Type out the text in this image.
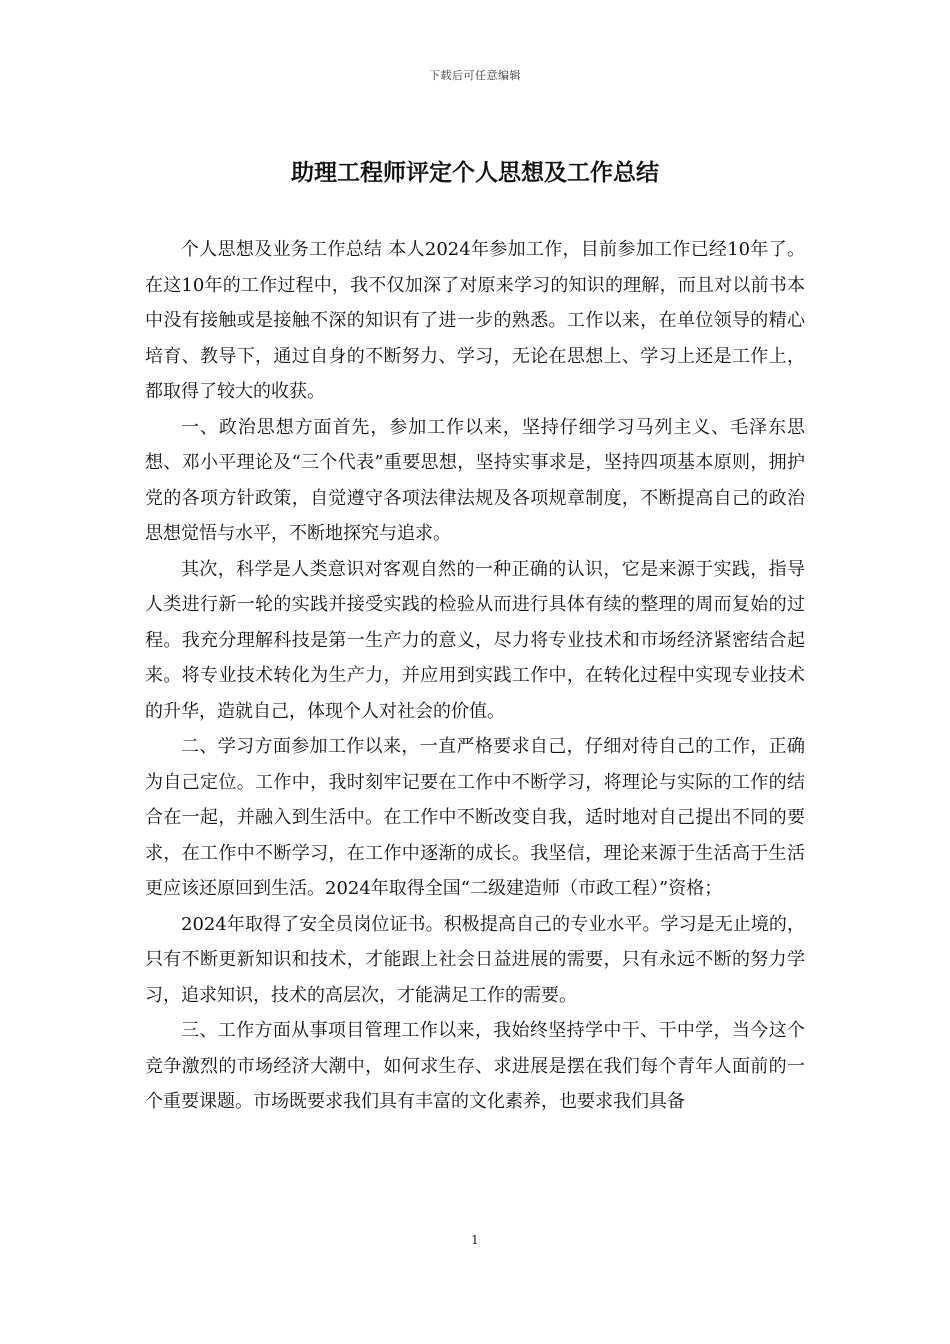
下载后可任意编辑
助理工程师评定个人思想及工作总结

个人思想及业务工作总结 本人2024年参加工作，目前参加工作已经10年了。在这10年的工作过程中，我不仅加深了对原来学习的知识的理解，而且对以前书本中没有接触或是接触不深的知识有了进一步的熟悉。工作以来，在单位领导的精心培育、教导下，通过自身的不断努力、学习，无论在思想上、学习上还是工作上，都取得了较大的收获。

一、政治思想方面首先，参加工作以来，坚持仔细学习马列主义、毛泽东思想、邓小平理论及“三个代表”重要思想，坚持实事求是，坚持四项基本原则，拥护党的各项方针政策，自觉遵守各项法律法规及各项规章制度，不断提高自己的政治思想觉悟与水平，不断地探究与追求。

其次，科学是人类意识对客观自然的一种正确的认识，它是来源于实践，指导人类进行新一轮的实践并接受实践的检验从而进行具体有续的整理的周而复始的过程。我充分理解科技是第一生产力的意义，尽力将专业技术和市场经济紧密结合起来。将专业技术转化为生产力，并应用到实践工作中，在转化过程中实现专业技术的升华，造就自己，体现个人对社会的价值。

二、学习方面参加工作以来，一直严格要求自己，仔细对待自己的工作，正确为自己定位。工作中，我时刻牢记要在工作中不断学习，将理论与实际的工作的结合在一起，并融入到生活中。在工作中不断改变自我，适时地对自己提出不同的要求，在工作中不断学习，在工作中逐渐的成长。我坚信，理论来源于生活高于生活更应该还原回到生活。2024年取得全国“二级建造师（市政工程）”资格；

2024年取得了安全员岗位证书。积极提高自己的专业水平。学习是无止境的，只有不断更新知识和技术，才能跟上社会日益进展的需要，只有永远不断的努力学习，追求知识，技术的高层次，才能满足工作的需要。

三、工作方面从事项目管理工作以来，我始终坚持学中干、干中学，当今这个竞争激烈的市场经济大潮中，如何求生存、求进展是摆在我们每个青年人面前的一个重要课题。市场既要求我们具有丰富的文化素养，也要求我们具备

1
